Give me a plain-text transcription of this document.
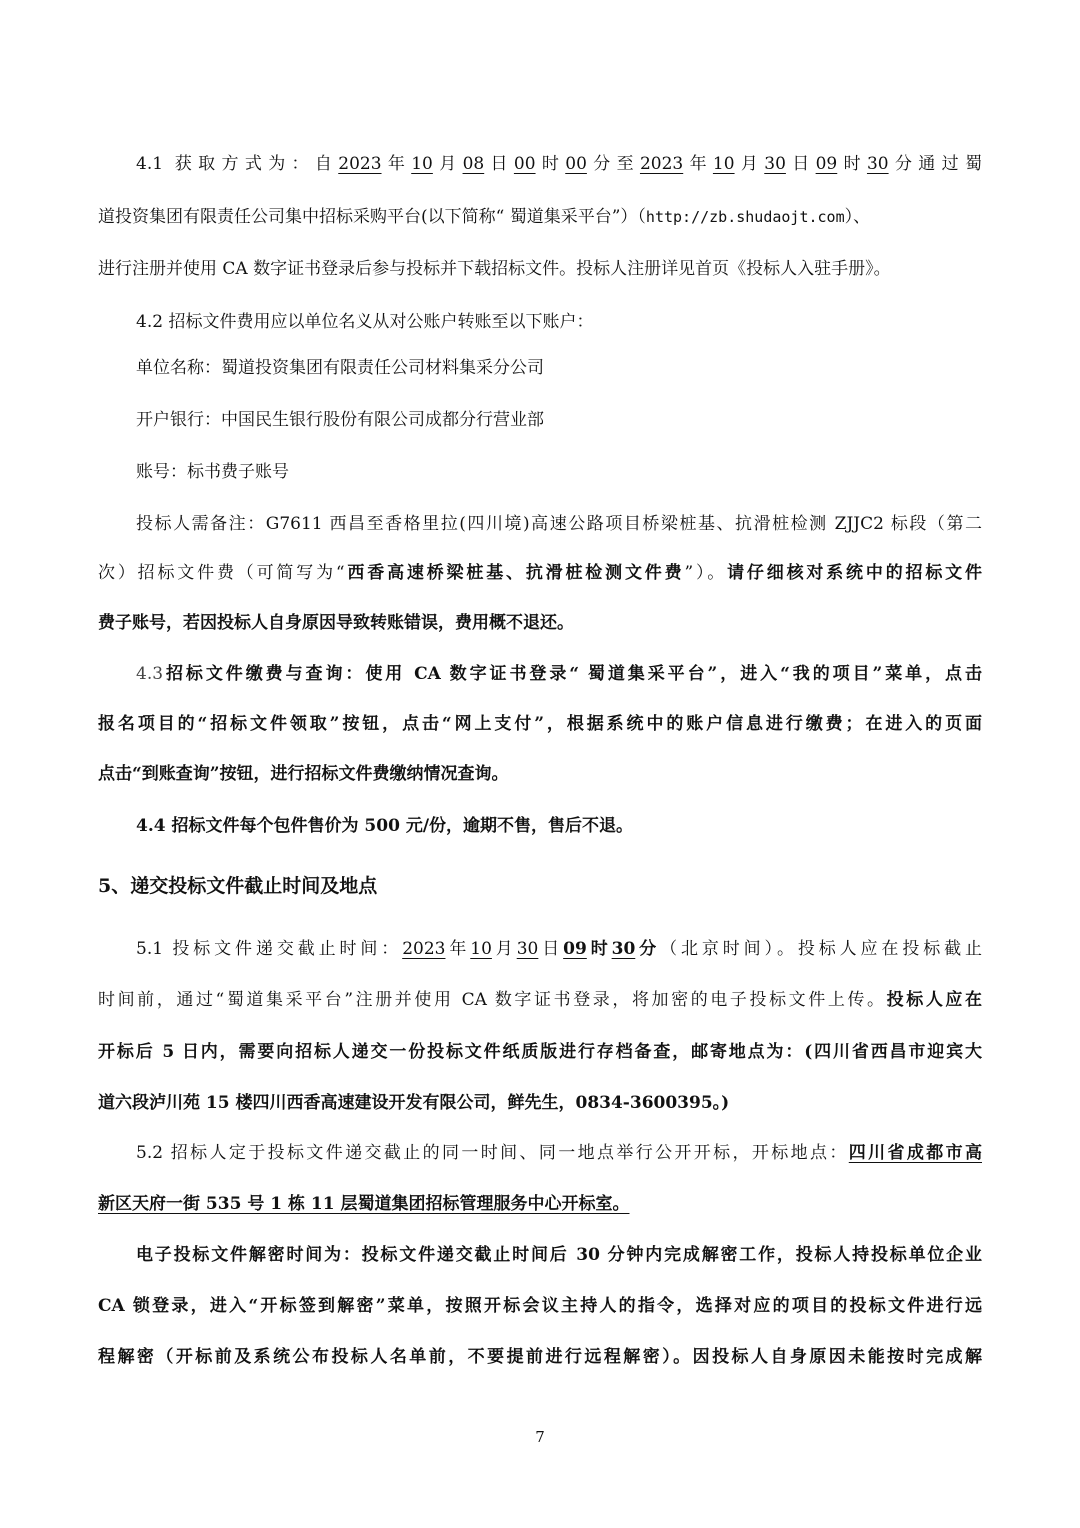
4.1 获取方式为：自2023年10月08日00时00分至2023年10月30日09时30分通过蜀
道投资集团有限责任公司集中招标采购平台(以下简称“ 蜀道集采平台”）（http://zb.shudaojt.com）、
进行注册并使用 CA 数字证书登录后参与投标并下载招标文件。投标人注册详见首页《投标人入驻手册》。
4.2 招标文件费用应以单位名义从对公账户转账至以下账户：
单位名称：蜀道投资集团有限责任公司材料集采分公司
开户银行：中国民生银行股份有限公司成都分行营业部
账号：标书费子账号
投标人需备注：G7611 西昌至香格里拉(四川境)高速公路项目桥梁桩基、抗滑桩检测 ZJJC2 标段（第二
次）招标文件费（可简写为“西香高速桥梁桩基、抗滑桩检测文件费”）。请仔细核对系统中的招标文件
费子账号，若因投标人自身原因导致转账错误，费用概不退还。
4.3招标文件缴费与查询：使用 CA 数字证书登录“ 蜀道集采平台”，进入“我的项目”菜单，点击
报名项目的“招标文件领取”按钮，点击“网上支付”，根据系统中的账户信息进行缴费；在进入的页面
点击“到账查询”按钮，进行招标文件费缴纳情况查询。
4.4 招标文件每个包件售价为 500 元/份，逾期不售，售后不退。
5、递交投标文件截止时间及地点
5.1 投标文件递交截止时间：2023年10月30日09时30分（北京时间）。投标人应在投标截止
时间前，通过“蜀道集采平台”注册并使用 CA 数字证书登录，将加密的电子投标文件上传。投标人应在
开标后 5 日内，需要向招标人递交一份投标文件纸质版进行存档备查，邮寄地点为：(四川省西昌市迎宾大
道六段泸川苑 15 楼四川西香高速建设开发有限公司，鲜先生，0834-3600395。)
5.2 招标人定于投标文件递交截止的同一时间、同一地点举行公开开标，开标地点：四川省成都市高
新区天府一街 535 号 1 栋 11 层蜀道集团招标管理服务中心开标室。
电子投标文件解密时间为：投标文件递交截止时间后 30 分钟内完成解密工作，投标人持投标单位企业
CA 锁登录，进入“开标签到解密”菜单，按照开标会议主持人的指令，选择对应的项目的投标文件进行远
程解密（开标前及系统公布投标人名单前，不要提前进行远程解密）。因投标人自身原因未能按时完成解
7
